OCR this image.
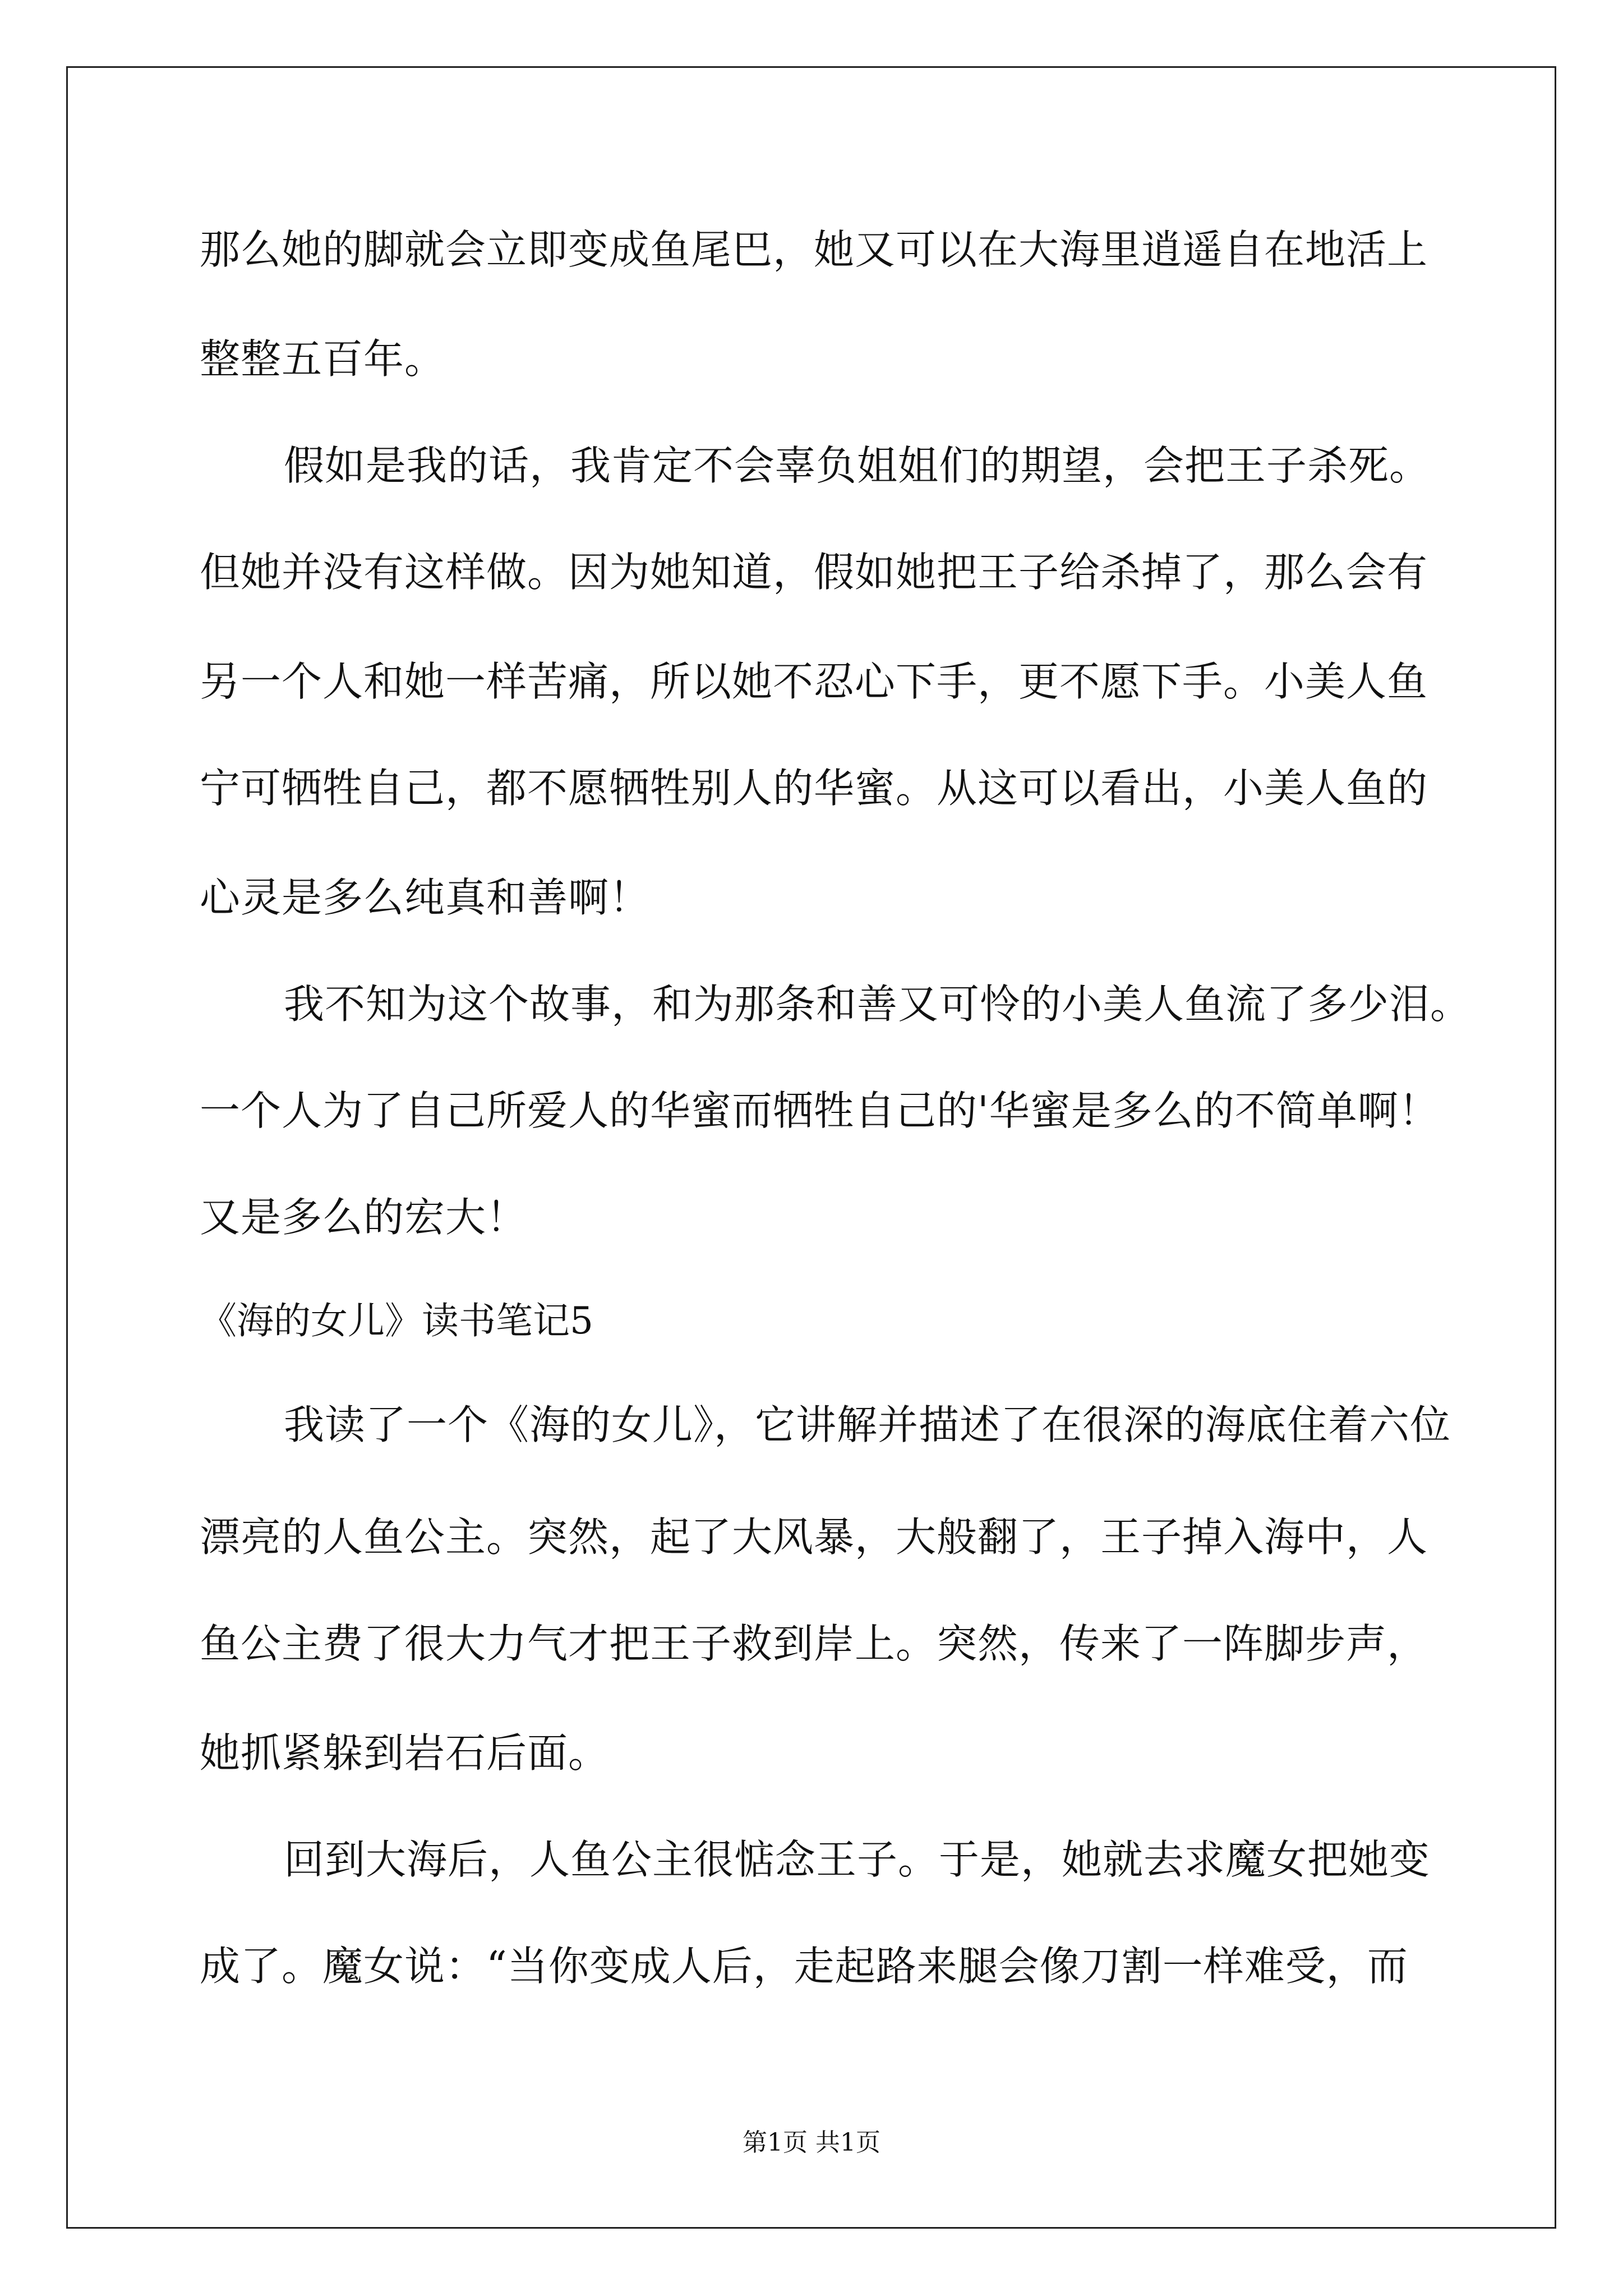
那么她的脚就会立即变成鱼尾巴，她又可以在大海里逍遥自在地活上
整整五百年。
假如是我的话，我肯定不会辜负姐姐们的期望，会把王子杀死。
但她并没有这样做。因为她知道，假如她把王子给杀掉了，那么会有
另一个人和她一样苦痛，所以她不忍心下手，更不愿下手。小美人鱼
宁可牺牲自己，都不愿牺牲别人的华蜜。从这可以看出，小美人鱼的
心灵是多么纯真和善啊！
我不知为这个故事，和为那条和善又可怜的小美人鱼流了多少泪。
一个人为了自己所爱人的华蜜而牺牲自己的'华蜜是多么的不简单啊！
又是多么的宏大！
《海的女儿》读书笔记5
我读了一个《海的女儿》，它讲解并描述了在很深的海底住着六位
漂亮的人鱼公主。突然，起了大风暴，大般翻了，王子掉入海中，人
鱼公主费了很大力气才把王子救到岸上。突然，传来了一阵脚步声，
她抓紧躲到岩石后面。
回到大海后，人鱼公主很惦念王子。于是，她就去求魔女把她变
成了。魔女说：“当你变成人后，走起路来腿会像刀割一样难受，而
第1页 共1页
